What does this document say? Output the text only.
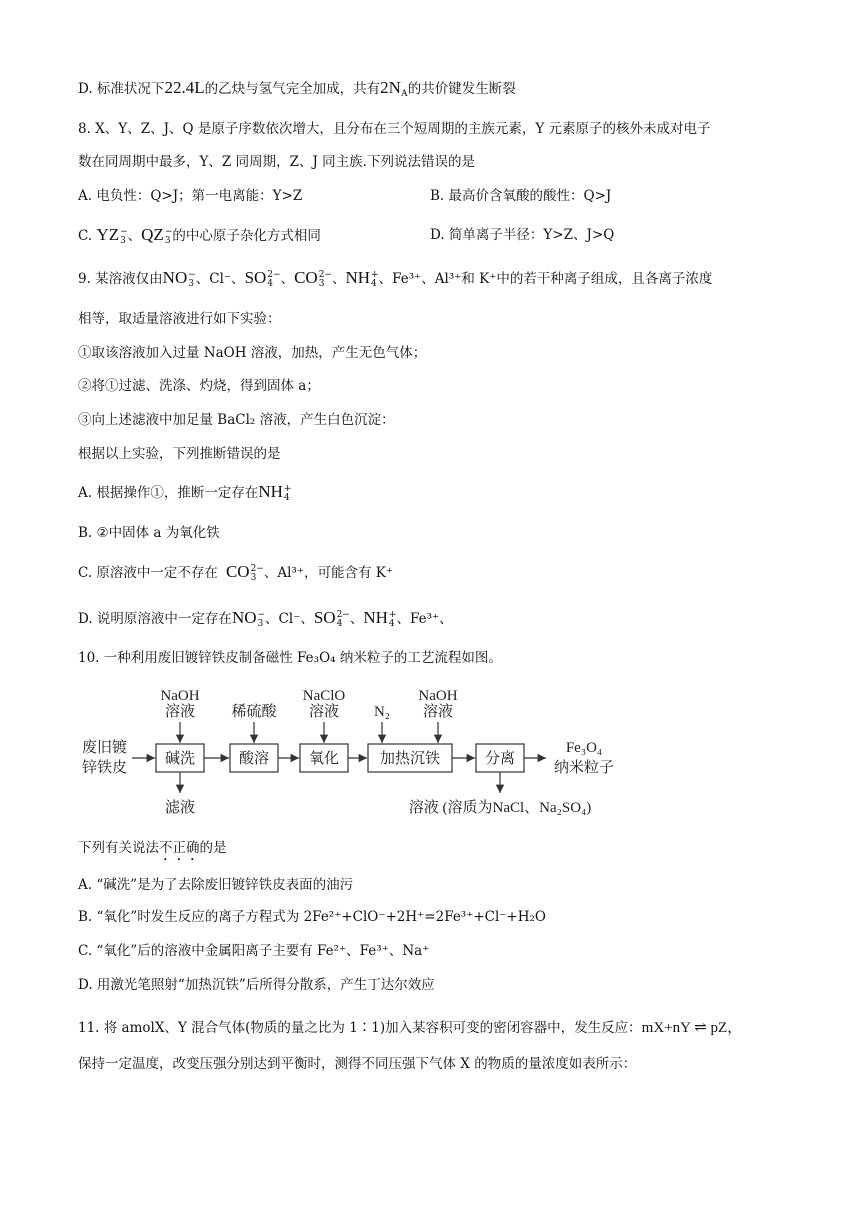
D. 标准状况下22.4L的乙炔与氢气完全加成，共有$2N_A$的共价键发生断裂
8. X、Y、Z、J、Q 是原子序数依次增大，且分布在三个短周期的主族元素，Y 元素原子的核外未成对电子
数在同周期中最多，Y、Z 同周期，Z、J 同主族.下列说法错误的是
A. 电负性：Q>J；第一电离能：Y>Z	B. 最高价含氧酸的酸性：Q>J
C. YZ −
3 、QZ −
3 的中心原子杂化方式相同	D. 简单离子半径：Y>Z、J>Q
9. 某溶液仅由NO −
3 、Cl⁻、SO 2−
4 、CO 2−
3 、NH +
4 、Fe³⁺、Al³⁺和 K⁺中的若干种离子组成，且各离子浓度
相等，取适量溶液进行如下实验：
①取该溶液加入过量 NaOH 溶液，加热，产生无色气体；
②将①过滤、洗涤、灼烧，得到固体 a；
③向上述滤液中加足量 BaCl₂ 溶液，产生白色沉淀：
根据以上实验，下列推断错误的是
A. 根据操作①，推断一定存在NH +
4
B. ②中固体 a 为氧化铁
C. 原溶液中一定不存在 CO 2−
3 、Al³⁺，可能含有 K⁺
D. 说明原溶液中一定存在NO −
3 、Cl⁻、SO 2−
4 、NH +
4 、Fe³⁺、
10. 一种利用废旧镀锌铁皮制备磁性 Fe₃O₄ 纳米粒子的工艺流程如图。
废旧镀
锌铁皮
碱洗	酸溶	氧化	加热沉铁	分离
NaOH
溶液 稀硫酸
NaClO
溶液 N₂
NaOH
溶液
滤液	溶液 (溶质为NaCl、Na₂SO₄)
Fe₃O₄
纳米粒子
下列有关说法不正确的是
A. “碱洗”是为了去除废旧镀锌铁皮表面的油污
B. “氧化”时发生反应的离子方程式为 2Fe²⁺+ClO⁻+2H⁺=2Fe³⁺+Cl⁻+H₂O
C. “氧化”后的溶液中金属阳离子主要有 Fe²⁺、Fe³⁺、Na⁺
D. 用激光笔照射“加热沉铁”后所得分散系，产生丁达尔效应
11. 将 amolX、Y 混合气体(物质的量之比为 1∶1)加入某容积可变的密闭容器中，发生反应：mX+nY ⇌ pZ，
保持一定温度，改变压强分别达到平衡时，测得不同压强下气体 X 的物质的量浓度如表所示：
